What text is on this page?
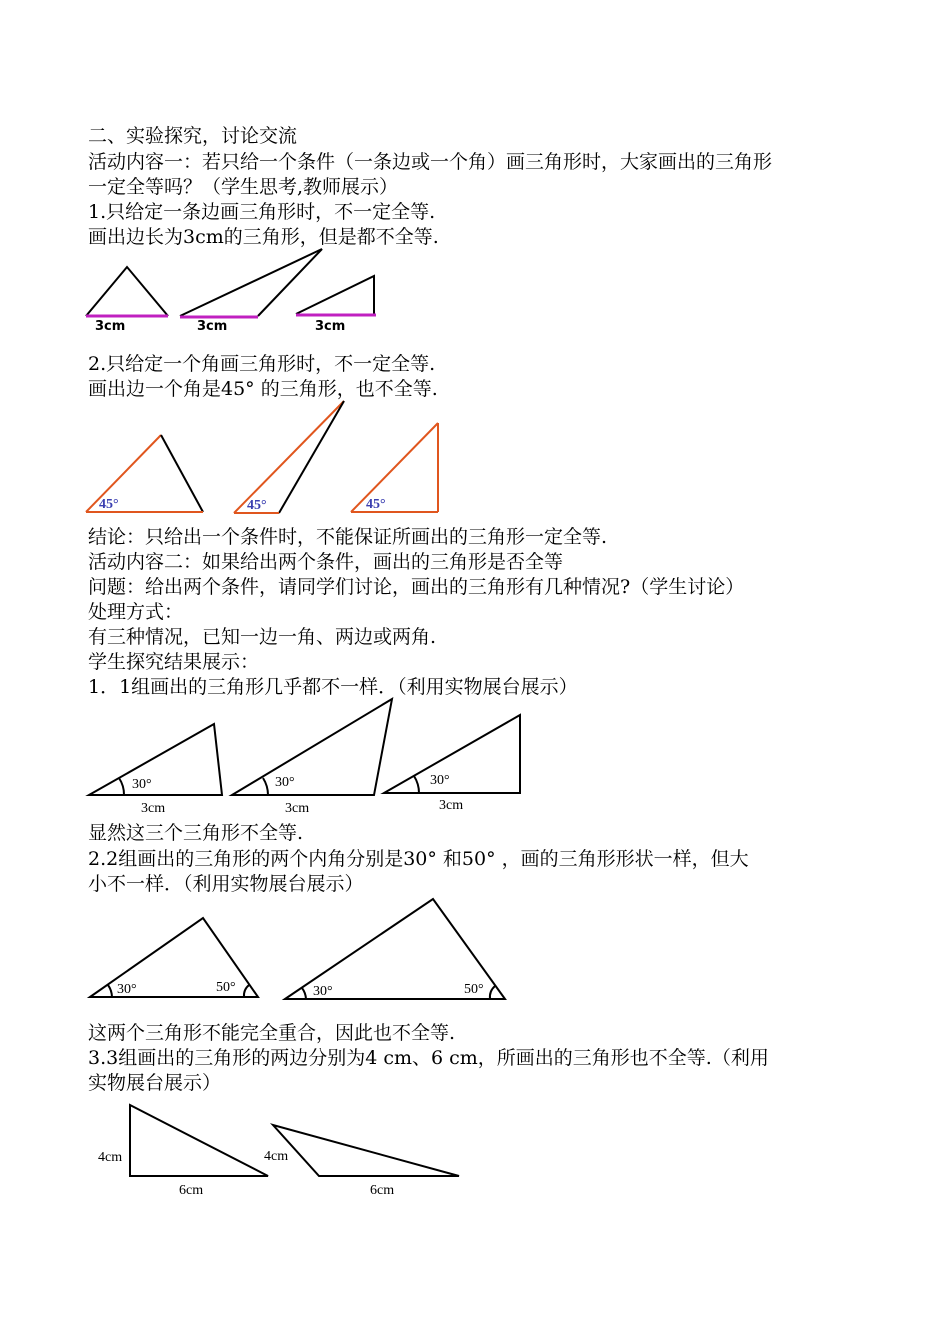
二、实验探究，讨论交流
活动内容一：若只给一个条件（一条边或一个角）画三角形时，大家画出的三角形
一定全等吗？（学生思考,教师展示）
1.只给定一条边画三角形时，不一定全等.
画出边长为3cm的三角形，但是都不全等.
2.只给定一个角画三角形时，不一定全等.
画出边一个角是45° 的三角形，也不全等.
结论：只给出一个条件时，不能保证所画出的三角形一定全等.
活动内容二：如果给出两个条件，画出的三角形是否全等
问题：给出两个条件，请同学们讨论，画出的三角形有几种情况?（学生讨论）
处理方式：
有三种情况，已知一边一角、两边或两角.
学生探究结果展示：
1．1组画出的三角形几乎都不一样．（利用实物展台展示）
显然这三个三角形不全等.
2.2组画出的三角形的两个内角分别是30° 和50° ，画的三角形形状一样，但大
小不一样．（利用实物展台展示）
这两个三角形不能完全重合，因此也不全等.
3.3组画出的三角形的两边分别为4 cm、6 cm，所画出的三角形也不全等.（利用
实物展台展示）
3cm	3cm	3cm
45°	45°	45°
30°	30°	30°
3cm	3cm	3cm
30°	50°	30°	50°
4cm
6cm
4cm
6cm
